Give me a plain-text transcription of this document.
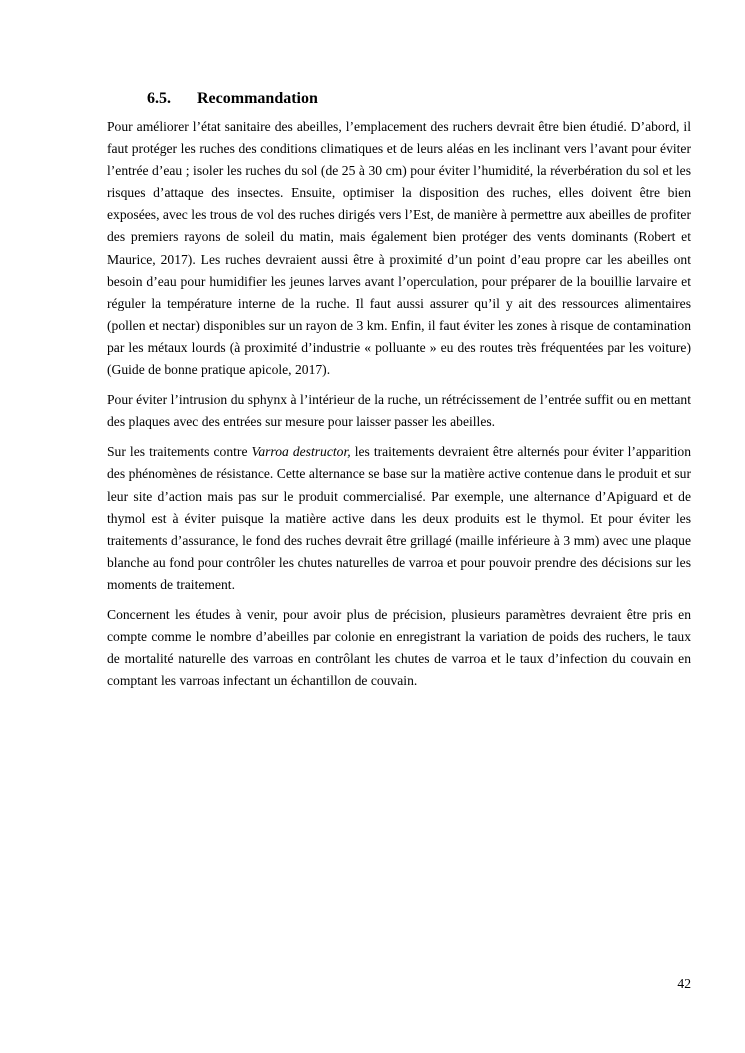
6.5. Recommandation

Pour améliorer l’état sanitaire des abeilles, l’emplacement des ruchers devrait être bien étudié. D’abord, il faut protéger les ruches des conditions climatiques et de leurs aléas en les inclinant vers l’avant pour éviter l’entrée d’eau ; isoler les ruches du sol (de 25 à 30 cm) pour éviter l’humidité, la réverbération du sol et les risques d’attaque des insectes. Ensuite, optimiser la disposition des ruches, elles doivent être bien exposées, avec les trous de vol des ruches dirigés vers l’Est, de manière à permettre aux abeilles de profiter des premiers rayons de soleil du matin, mais également bien protéger des vents dominants (Robert et Maurice, 2017). Les ruches devraient aussi être à proximité d’un point d’eau propre car les abeilles ont besoin d’eau pour humidifier les jeunes larves avant l’operculation, pour préparer de la bouillie larvaire et réguler la température interne de la ruche. Il faut aussi assurer qu’il y ait des ressources alimentaires (pollen et nectar) disponibles sur un rayon de 3 km. Enfin, il faut éviter les zones à risque de contamination par les métaux lourds (à proximité d’industrie « polluante » eu des routes très fréquentées par les voiture) (Guide de bonne pratique apicole, 2017).

Pour éviter l’intrusion du sphynx à l’intérieur de la ruche, un rétrécissement de l’entrée suffit ou en mettant des plaques avec des entrées sur mesure pour laisser passer les abeilles.

Sur les traitements contre Varroa destructor, les traitements devraient être alternés pour éviter l’apparition des phénomènes de résistance. Cette alternance se base sur la matière active contenue dans le produit et sur leur site d’action mais pas sur le produit commercialisé. Par exemple, une alternance d’Apiguard et de thymol est à éviter puisque la matière active dans les deux produits est le thymol. Et pour éviter les traitements d’assurance, le fond des ruches devrait être grillagé (maille inférieure à 3 mm) avec une plaque blanche au fond pour contrôler les chutes naturelles de varroa et pour pouvoir prendre des décisions sur les moments de traitement.

Concernent les études à venir, pour avoir plus de précision, plusieurs paramètres devraient être pris en compte comme le nombre d’abeilles par colonie en enregistrant la variation de poids des ruchers, le taux de mortalité naturelle des varroas en contrôlant les chutes de varroa et le taux d’infection du couvain en comptant les varroas infectant un échantillon de couvain.

42
